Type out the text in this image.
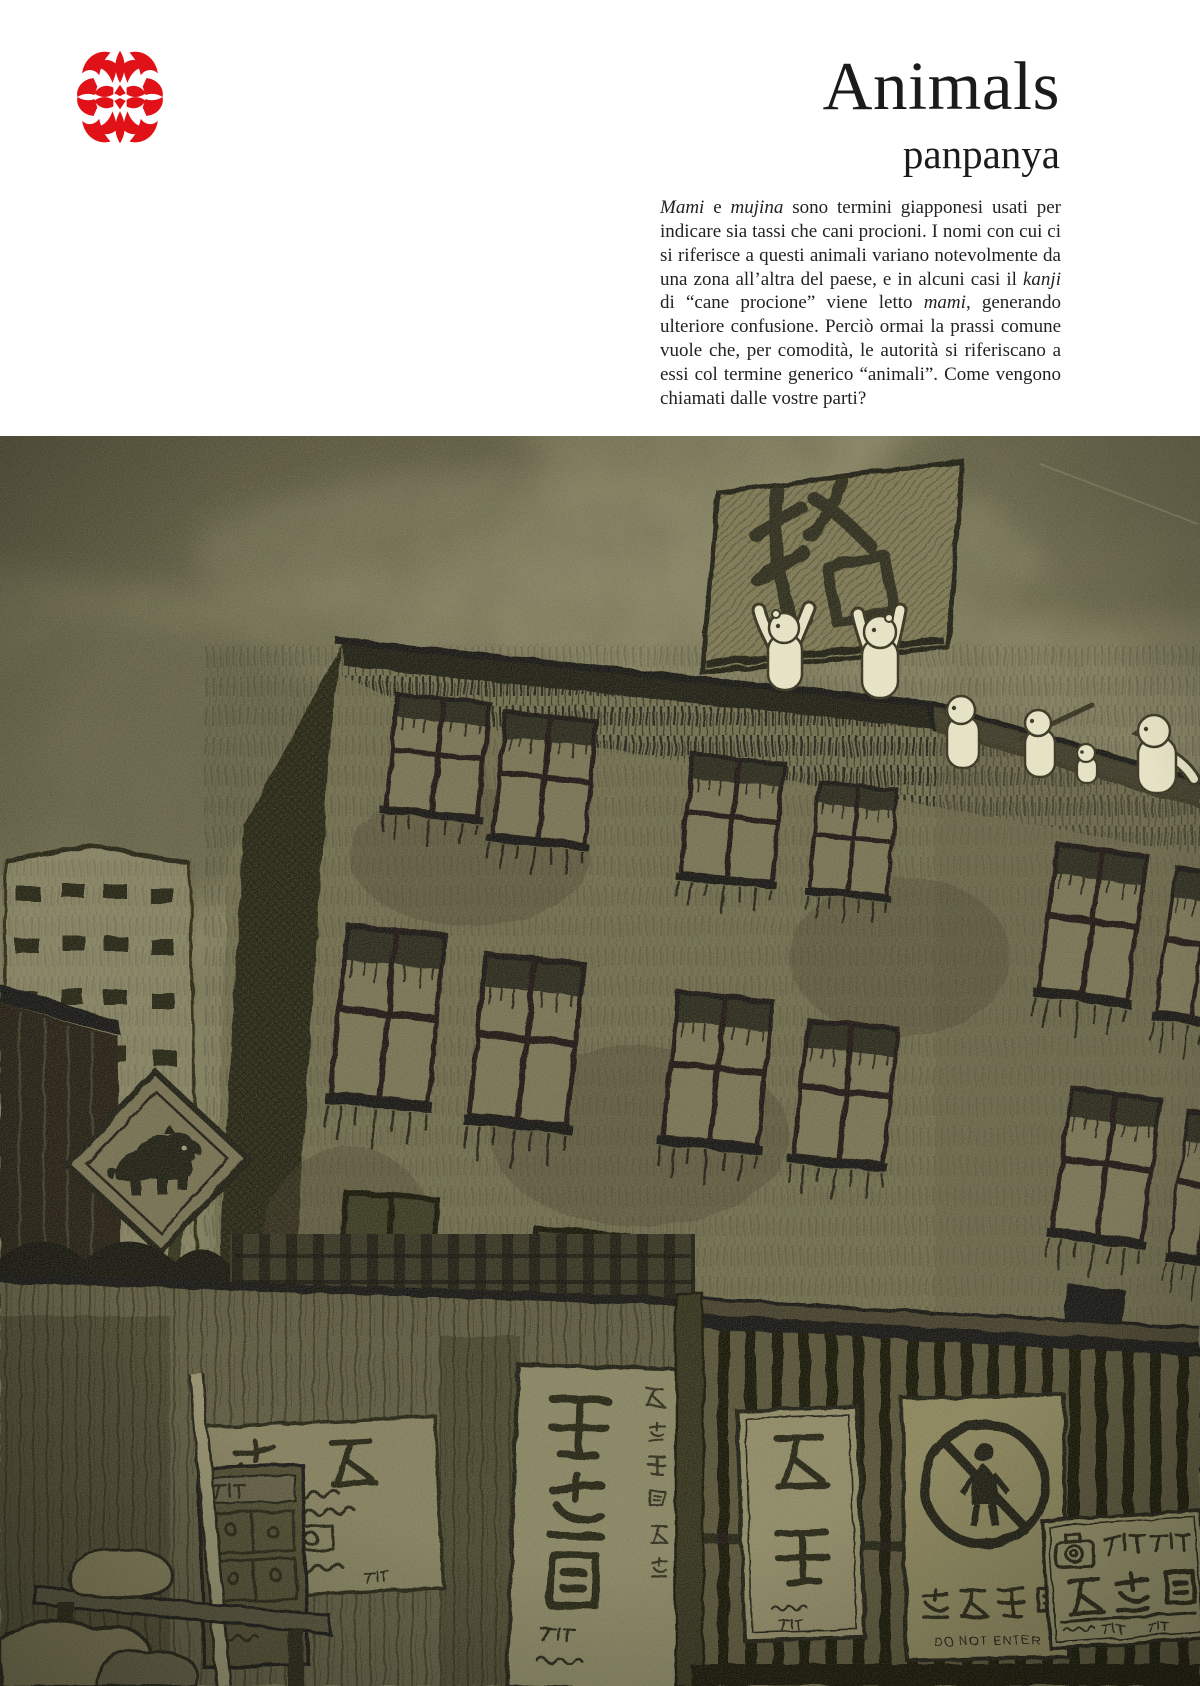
Animals
panpanya

Mami e mujina sono termini giapponesi usati per indicare sia tassi che cani procioni. I nomi con cui ci si riferisce a questi animali variano notevolmente da una zona all’altra del paese, e in alcuni casi il kanji di “cane procione” viene letto mami, generando ulteriore confusione. Perciò ormai la prassi comune vuole che, per comodità, le autorità si riferiscano a essi col termine generico “animali”. Come vengono chiamati dalle vostre parti?
